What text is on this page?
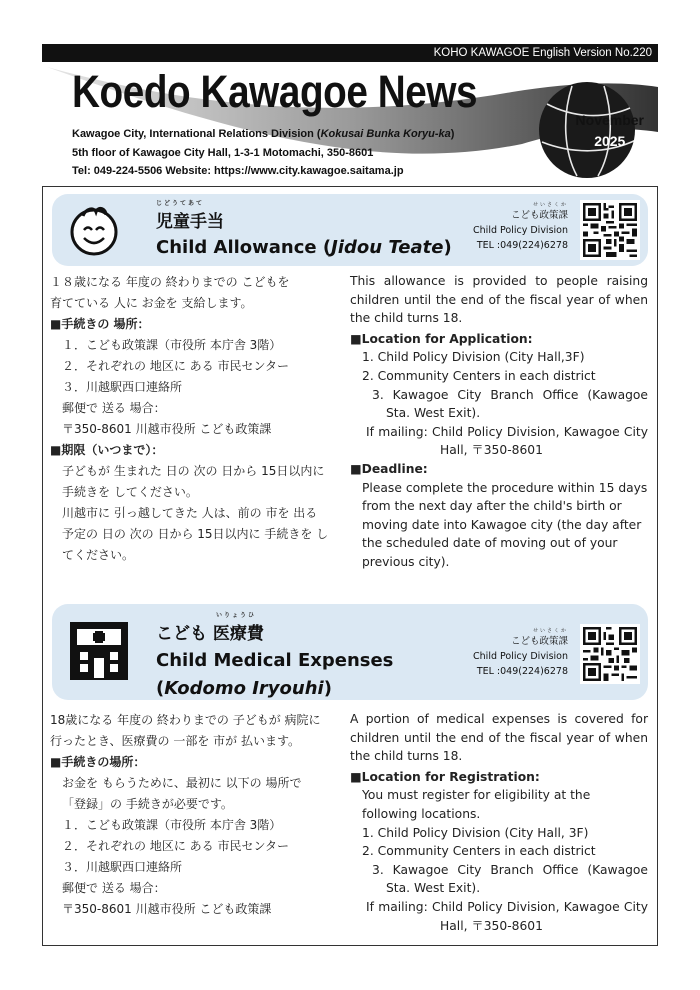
KOHO KAWAGOE English Version No.220
Koedo Kawagoe News
November
2025
Kawagoe City, International Relations Division (Kokusai Bunka Koryu-ka)
5th floor of Kawagoe City Hall, 1-3-1 Motomachi, 350-8601
Tel: 049-224-5506 Website: https://www.city.kawagoe.saitama.jp
じどうてあて
児童手当
Child Allowance (Jidou Teate)
せいさくか
こども政策課
Child Policy Division
TEL :049(224)6278

１８歳になる 年度の 終わりまでの こどもを

育てている 人に お金を 支給します。

■手続きの 場所：

１．こども政策課（市役所 本庁舎 3階）

２．それぞれの 地区に ある 市民センター

３．川越駅西口連絡所

郵便で 送る 場合：

〒350-8601 川越市役所 こども政策課

■期限（いつまで）：

子どもが 生まれた 日の 次の 日から 15日以内に

手続きを してください。

川越市に 引っ越してきた 人は、前の 市を 出る

予定の 日の 次の 日から 15日以内に 手続きを し

てください。

This allowance is provided to people raising children until the end of the fiscal year of when the child turns 18.

■Location for Application:

1. Child Policy Division (City Hall,3F)

2. Community Centers in each district

3. Kawagoe City Branch Office (Kawagoe Sta. West Exit).

If mailing: Child Policy Division, Kawagoe City Hall, 〒350-8601

■Deadline:

Please complete the procedure within 15 days from the next day after the child's birth or moving date into Kawagoe city (the day after the scheduled date of moving out of your previous city).

いりょうひ
こども 医療費
Child Medical Expenses
(Kodomo Iryouhi)
せいさくか
こども政策課
Child Policy Division
TEL :049(224)6278

18歳になる 年度の 終わりまでの 子どもが 病院に

行ったとき、医療費の 一部を 市が 払います。

■手続きの場所：

お金を もらうために、最初に 以下の 場所で

「登録」の 手続きが必要です。

１．こども政策課（市役所 本庁舎 3階）

２．それぞれの 地区に ある 市民センター

３．川越駅西口連絡所

郵便で 送る 場合：

〒350-8601 川越市役所 こども政策課

A portion of medical expenses is covered for children until the end of the fiscal year of when the child turns 18.

■Location for Registration:

You must register for eligibility at the following locations.

1. Child Policy Division (City Hall, 3F)

2. Community Centers in each district

3. Kawagoe City Branch Office (Kawagoe Sta. West Exit).

If mailing: Child Policy Division, Kawagoe City Hall, 〒350-8601
